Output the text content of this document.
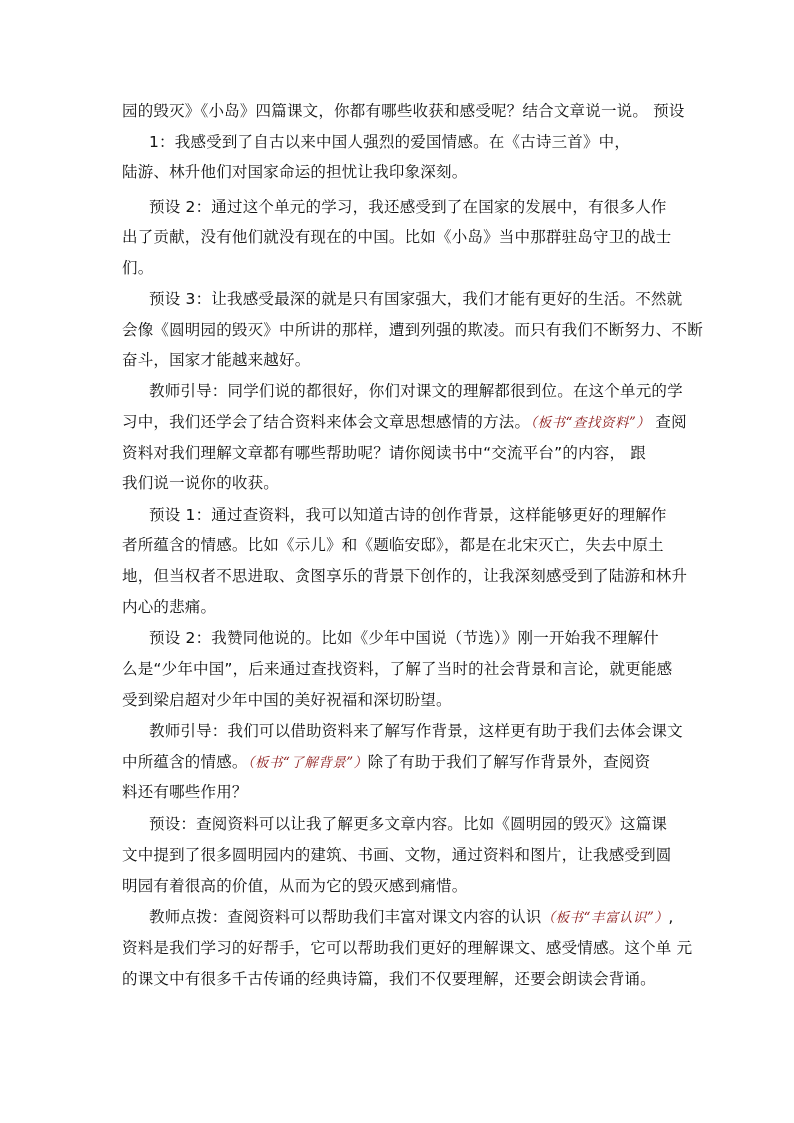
园的毁灭》《小岛》四篇课文，你都有哪些收获和感受呢？结合文章说一说。 预设
1：我感受到了自古以来中国人强烈的爱国情感。在《古诗三首》中，
陆游、林升他们对国家命运的担忧让我印象深刻。
预设 2：通过这个单元的学习，我还感受到了在国家的发展中，有很多人作
出了贡献，没有他们就没有现在的中国。比如《小岛》当中那群驻岛守卫的战士
们。
预设 3：让我感受最深的就是只有国家强大，我们才能有更好的生活。不然就
会像《圆明园的毁灭》中所讲的那样，遭到列强的欺凌。而只有我们不断努力、不断
奋斗，国家才能越来越好。
教师引导：同学们说的都很好，你们对课文的理解都很到位。在这个单元的学
习中，我们还学会了结合资料来体会文章思想感情的方法。（板书“查找资料”） 查阅
资料对我们理解文章都有哪些帮助呢？请你阅读书中“交流平台”的内容， 跟
我们说一说你的收获。
预设 1：通过查资料，我可以知道古诗的创作背景，这样能够更好的理解作
者所蕴含的情感。比如《示儿》和《题临安邸》，都是在北宋灭亡，失去中原土
地，但当权者不思进取、贪图享乐的背景下创作的，让我深刻感受到了陆游和林升
内心的悲痛。
预设 2：我赞同他说的。比如《少年中国说（节选）》刚一开始我不理解什
么是“少年中国”，后来通过查找资料，了解了当时的社会背景和言论，就更能感
受到梁启超对少年中国的美好祝福和深切盼望。
教师引导：我们可以借助资料来了解写作背景，这样更有助于我们去体会课文
中所蕴含的情感。（板书“了解背景”）除了有助于我们了解写作背景外，查阅资
料还有哪些作用？
预设：查阅资料可以让我了解更多文章内容。比如《圆明园的毁灭》这篇课
文中提到了很多圆明园内的建筑、书画、文物，通过资料和图片，让我感受到圆
明园有着很高的价值，从而为它的毁灭感到痛惜。
教师点拨：查阅资料可以帮助我们丰富对课文内容的认识（板书“丰富认识”）,
资料是我们学习的好帮手，它可以帮助我们更好的理解课文、感受情感。这个单 元
的课文中有很多千古传诵的经典诗篇，我们不仅要理解，还要会朗读会背诵。
